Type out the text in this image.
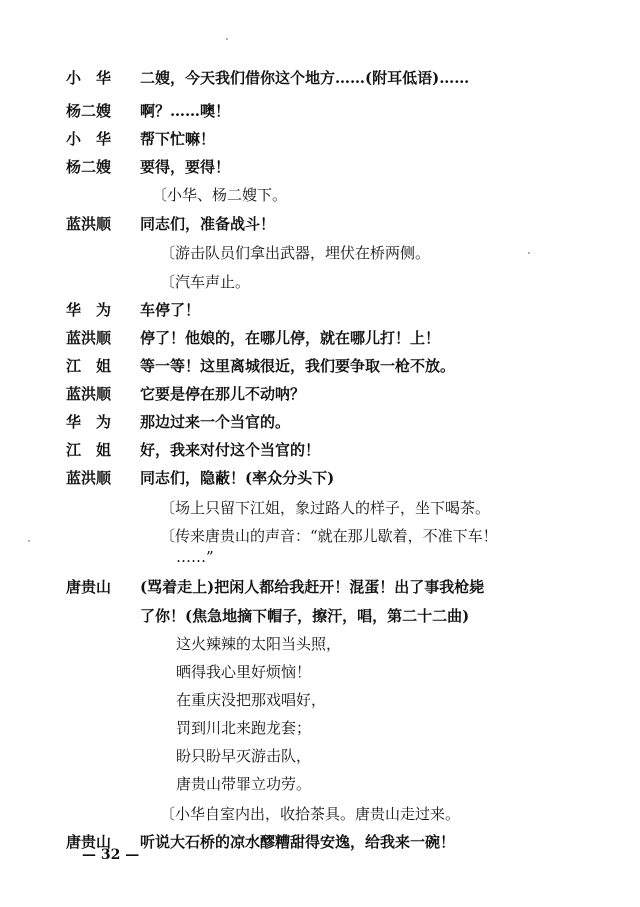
小　华	二嫂，今天我们借你这个地方……(附耳低语)……
杨二嫂	啊？……噢！
小　华	帮下忙嘛！
杨二嫂	要得，要得！
〔小华、杨二嫂下。
蓝洪顺	同志们，准备战斗！
〔游击队员们拿出武器，埋伏在桥两侧。
〔汽车声止。
华　为	车停了！
蓝洪顺	停了！他娘的，在哪儿停，就在哪儿打！上！
江　姐	等一等！这里离城很近，我们要争取一枪不放。
蓝洪顺	它要是停在那儿不动呐？
华　为	那边过来一个当官的。
江　姐	好，我来对付这个当官的！
蓝洪顺	同志们，隐蔽！(率众分头下)
〔场上只留下江姐，象过路人的样子，坐下喝茶。
〔传来唐贵山的声音：“就在那儿歇着，不准下车！
……”
唐贵山	(骂着走上)把闲人都给我赶开！混蛋！出了事我枪毙
了你！(焦急地摘下帽子，擦汗，唱，第二十二曲)
这火辣辣的太阳当头照，
晒得我心里好烦恼！
在重庆没把那戏唱好，
罚到川北来跑龙套；
盼只盼早灭游击队，
唐贵山带罪立功劳。
〔小华自室内出，收拾茶具。唐贵山走过来。
唐贵山	听说大石桥的凉水醪糟甜得安逸，给我来一碗！
— 32 —
